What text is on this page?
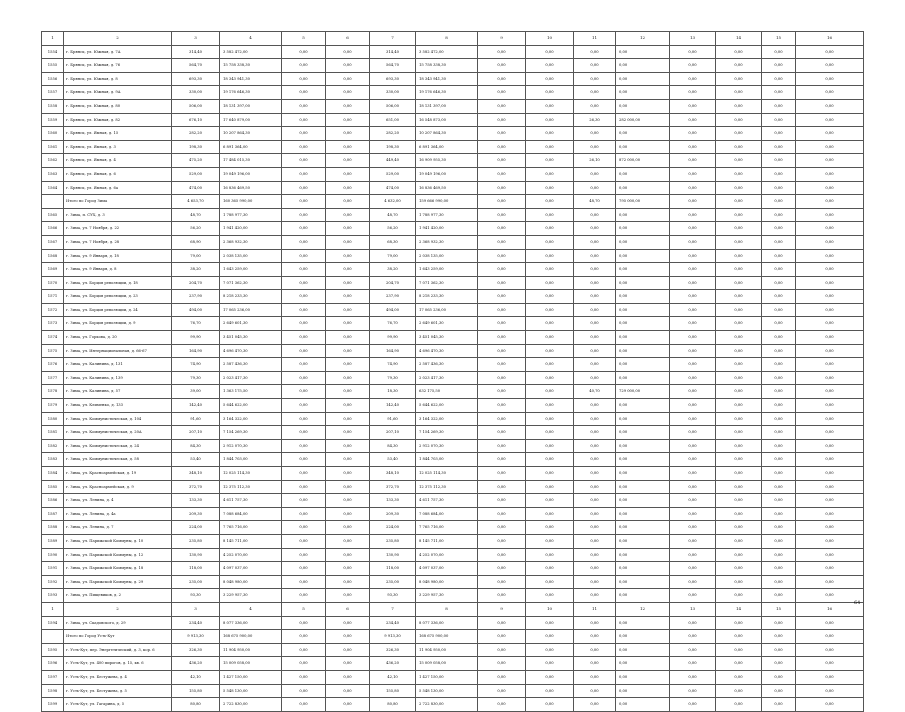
1	2	3	4	5	6	7	8	9	10	11	12	13	14	15	16
1554	г. Брянск, ул. Южная, д. 7А	314,40	3 582 472,00	0,00	0,00	314,40	3 582 472,00	0,00	0,00	0,00	0,00	0,00	0,00	0,00	0,00
1555	г. Брянск, ул. Южная, д. 76	564,70	15 758 338,30	0,00	0,00	564,70	15 758 338,30	0,00	0,00	0,00	0,00	0,00	0,00	0,00	0,00
1556	г. Брянск, ул. Южная, д. 8	693,30	18 343 941,30	0,00	0,00	693,30	18 343 941,30	0,00	0,00	0,00	0,00	0,00	0,00	0,00	0,00
1557	г. Брянск, ул. Южная, д. 9А	330,00	19 176 646,30	0,00	0,00	330,00	19 176 646,30	0,00	0,00	0,00	0,00	0,00	0,00	0,00	0,00
1558	г. Брянск, ул. Южная, д. 80	506,00	18 131 397,00	0,00	0,00	506,00	18 131 397,00	0,00	0,00	0,00	0,00	0,00	0,00	0,00	0,00
1559	г. Брянск, ул. Южная, д. 82	676,10	17 640 879,00	0,00	0,00	651,00	16 548 873,00	0,00	0,00	26,30	282 000,00	0,00	0,00	0,00	0,00
1560	г. Брянск, ул. Ямная, д. 15	282,20	10 207 864,30	0,00	0,00	282,20	10 207 864,30	0,00	0,00	0,00	0,00	0,00	0,00	0,00	0,00
1561	г. Брянск, ул. Ямная, д. 3	198,30	6 891 364,00	0,00	0,00	198,30	6 891 364,00	0,00	0,00	0,00	0,00	0,00	0,00	0,00	0,00
1562	г. Брянск, ул. Ямная, д. 4	475,20	17 484 015,30	0,00	0,00	449,40	16 909 955,30	0,00	0,00	26,10	872 000,00	0,00	0,00	0,00	0,00
1563	г. Брянск, ул. Ямная, д. 6	529,00	19 049 196,00	0,00	0,00	529,00	19 049 196,00	0,00	0,00	0,00	0,00	0,00	0,00	0,00	0,00
1564	г. Брянск, ул. Ямная, д. 6а	474,00	16 836 469,50	0,00	0,00	474,00	16 836 469,50	0,00	0,00	0,00	0,00	0,00	0,00	0,00	0,00
	Итого по Город Зима	4 653,70	160 365 990,00	0,00	0,00	4 632,00	159 666 990,00	0,00	0,00	48,70	795 000,00	0,00	0,00	0,00	0,00
1565	г. Зима, п. СУХ, д. 3	48,70	1 788 977,30	0,00	0,00	48,70	1 788 977,30	0,00	0,00	0,00	0,00	0,00	0,00	0,00	0,00
1566	г. Зима, ул. 7 Ноября, д. 22	56,20	1 941 420,00	0,00	0,00	56,20	1 941 420,00	0,00	0,00	0,00	0,00	0,00	0,00	0,00	0,00
1567	г. Зима, ул. 7 Ноября, д. 28	68,90	2 368 932,30	0,00	0,00	68,30	2 368 932,30	0,00	0,00	0,00	0,00	0,00	0,00	0,00	0,00
1568	г. Зима, ул. 9 Января, д. 18	79,00	2 038 135,00	0,00	0,00	79,00	2 038 135,00	0,00	0,00	0,00	0,00	0,00	0,00	0,00	0,00
1569	г. Зима, ул. 9 Января, д. 8	38,20	1 643 259,00	0,00	0,00	38,20	1 643 259,00	0,00	0,00	0,00	0,00	0,00	0,00	0,00	0,00
1570	г. Зима, ул. Борцов революции, д. 18	204,70	7 071 362,30	0,00	0,00	204,70	7 071 362,30	0,00	0,00	0,00	0,00	0,00	0,00	0,00	0,00
1571	г. Зима, ул. Борцов революции, д. 23	237,90	8 218 233,30	0,00	0,00	237,90	8 218 233,30	0,00	0,00	0,00	0,00	0,00	0,00	0,00	0,00
1572	г. Зима, ул. Борцов революции, д. 24	494,00	17 065 236,00	0,00	0,00	494,00	17 065 236,00	0,00	0,00	0,00	0,00	0,00	0,00	0,00	0,00
1573	г. Зима, ул. Борцов революции, д. 9	76,70	2 649 601,30	0,00	0,00	76,70	2 649 601,30	0,00	0,00	0,00	0,00	0,00	0,00	0,00	0,00
1574	г. Зима, ул. Горкова, д. 20	99,90	3 451 045,30	0,00	0,00	99,90	3 451 045,30	0,00	0,00	0,00	0,00	0,00	0,00	0,00	0,00
1575	г. Зима, ул. Интернациональная, д. 66-67	164,90	4 696 470,30	0,00	0,00	164,90	4 696 470,30	0,00	0,00	0,00	0,00	0,00	0,00	0,00	0,00
1576	г. Зима, ул. Калинина, д. 131	74,90	2 587 436,30	0,00	0,00	74,90	2 587 436,30	0,00	0,00	0,00	0,00	0,00	0,00	0,00	0,00
1577	г. Зима, ул. Калинина, д. 139	79,30	2 023 417,30	0,00	0,00	79,30	2 023 417,30	0,00	0,00	0,00	0,00	0,00	0,00	0,00	0,00
1578	г. Зима, ул. Калинина, д. 57	39,00	1 363 175,50	0,00	0,00	18,30	632 175,50	0,00	0,00	40,70	729 000,00	0,00	0,00	0,00	0,00
1579	г. Зима, ул. Клименко, д. 133	142,40	5 644 622,00	0,00	0,00	142,40	5 644 622,00	0,00	0,00	0,00	0,00	0,00	0,00	0,00	0,00
1580	г. Зима, ул. Коммунистическая, д. 104	91,60	3 164 322,00	0,00	0,00	91,60	3 164 322,00	0,00	0,00	0,00	0,00	0,00	0,00	0,00	0,00
1581	г. Зима, ул. Коммунистическая, д. 20А	207,10	7 154 269,30	0,00	0,00	207,10	7 154 269,30	0,00	0,00	0,00	0,00	0,00	0,00	0,00	0,00
1582	г. Зима, ул. Коммунистическая, д. 24	84,30	2 912 070,30	0,00	0,00	84,30	2 912 070,30	0,00	0,00	0,00	0,00	0,00	0,00	0,00	0,00
1583	г. Зима, ул. Коммунистическая, д. 58	53,40	1 844 703,00	0,00	0,00	53,40	1 844 703,00	0,00	0,00	0,00	0,00	0,00	0,00	0,00	0,00
1584	г. Зима, ул. Красноармейская, д. 19	348,10	12 025 114,30	0,00	0,00	348,10	12 025 114,30	0,00	0,00	0,00	0,00	0,00	0,00	0,00	0,00
1585	г. Зима, ул. Красноармейская, д. 9	372,70	12 375 112,30	0,00	0,00	372,70	12 375 112,30	0,00	0,00	0,00	0,00	0,00	0,00	0,00	0,00
1586	г. Зима, ул. Ленина, д. 4	133,30	4 611 757,30	0,00	0,00	133,30	4 611 757,30	0,00	0,00	0,00	0,00	0,00	0,00	0,00	0,00
1587	г. Зима, ул. Ленина, д. 4а	209,30	7 088 684,00	0,00	0,00	209,30	7 088 684,00	0,00	0,00	0,00	0,00	0,00	0,00	0,00	0,00
1588	г. Зима, ул. Ленина, д. 7	224,00	7 765 716,00	0,00	0,00	224,00	7 765 716,00	0,00	0,00	0,00	0,00	0,00	0,00	0,00	0,00
1589	г. Зима, ул. Парижской Коммуны, д. 10	235,80	8 145 711,00	0,00	0,00	235,80	8 145 711,00	0,00	0,00	0,00	0,00	0,00	0,00	0,00	0,00
1590	г. Зима, ул. Парижской Коммуны, д. 12	130,90	4 252 070,00	0,00	0,00	130,90	4 252 070,00	0,00	0,00	0,00	0,00	0,00	0,00	0,00	0,00
1591	г. Зима, ул. Парижской Коммуны, д. 18	118,00	4 097 037,00	0,00	0,00	118,00	4 097 037,00	0,00	0,00	0,00	0,00	0,00	0,00	0,00	0,00
1592	г. Зима, ул. Парижской Коммуны, д. 29	235,00	8 048 980,00	0,00	0,00	235,00	8 048 980,00	0,00	0,00	0,00	0,00	0,00	0,00	0,00	0,00
1593	г. Зима, ул. Пищевиков, д. 2	93,30	3 229 957,30	0,00	0,00	93,30	3 229 957,30	0,00	0,00	0,00	0,00	0,00	0,00	0,00	0,00
1	2	3	4	5	6	7	8	9	10	11	12	13	14	15	16
1594	г. Зима, ул. Скадовского, д. 29	234,40	8 077 336,00	0,00	0,00	234,40	8 077 336,00	0,00	0,00	0,00	0,00	0,00	0,00	0,00	0,00
	Итого по Город Усть-Кут	9 913,30	168 675 900,00	0,00	0,00	9 913,30	168 675 900,00	0,00	0,00	0,00	0,00	0,00	0,00	0,00	0,00
1595	г. Усть-Кут, пер. Энергетический, д. 3, кор. 6	326,30	11 904 950,00	0,00	0,00	326,30	11 904 950,00	0,00	0,00	0,00	0,00	0,00	0,00	0,00	0,00
1596	г. Усть-Кут, ул. 400 пирогов, д. 15, кв. 6	436,20	15 009 058,00	0,00	0,00	436,20	15 009 058,00	0,00	0,00	0,00	0,00	0,00	0,00	0,00	0,00
1597	г. Усть-Кут, ул. Бестужева, д. 4	42,10	1 427 150,00	0,00	0,00	42,10	1 427 150,00	0,00	0,00	0,00	0,00	0,00	0,00	0,00	0,00
1598	г. Усть-Кут, ул. Бестужева, д. 5	155,80	5 548 130,00	0,00	0,00	155,80	5 548 130,00	0,00	0,00	0,00	0,00	0,00	0,00	0,00	0,00
1599	г. Усть-Кут, ул. Гагарина, д. 5	80,80	2 722 830,00	0,00	0,00	80,80	2 722 830,00	0,00	0,00	0,00	0,00	0,00	0,00	0,00	0,00
64
